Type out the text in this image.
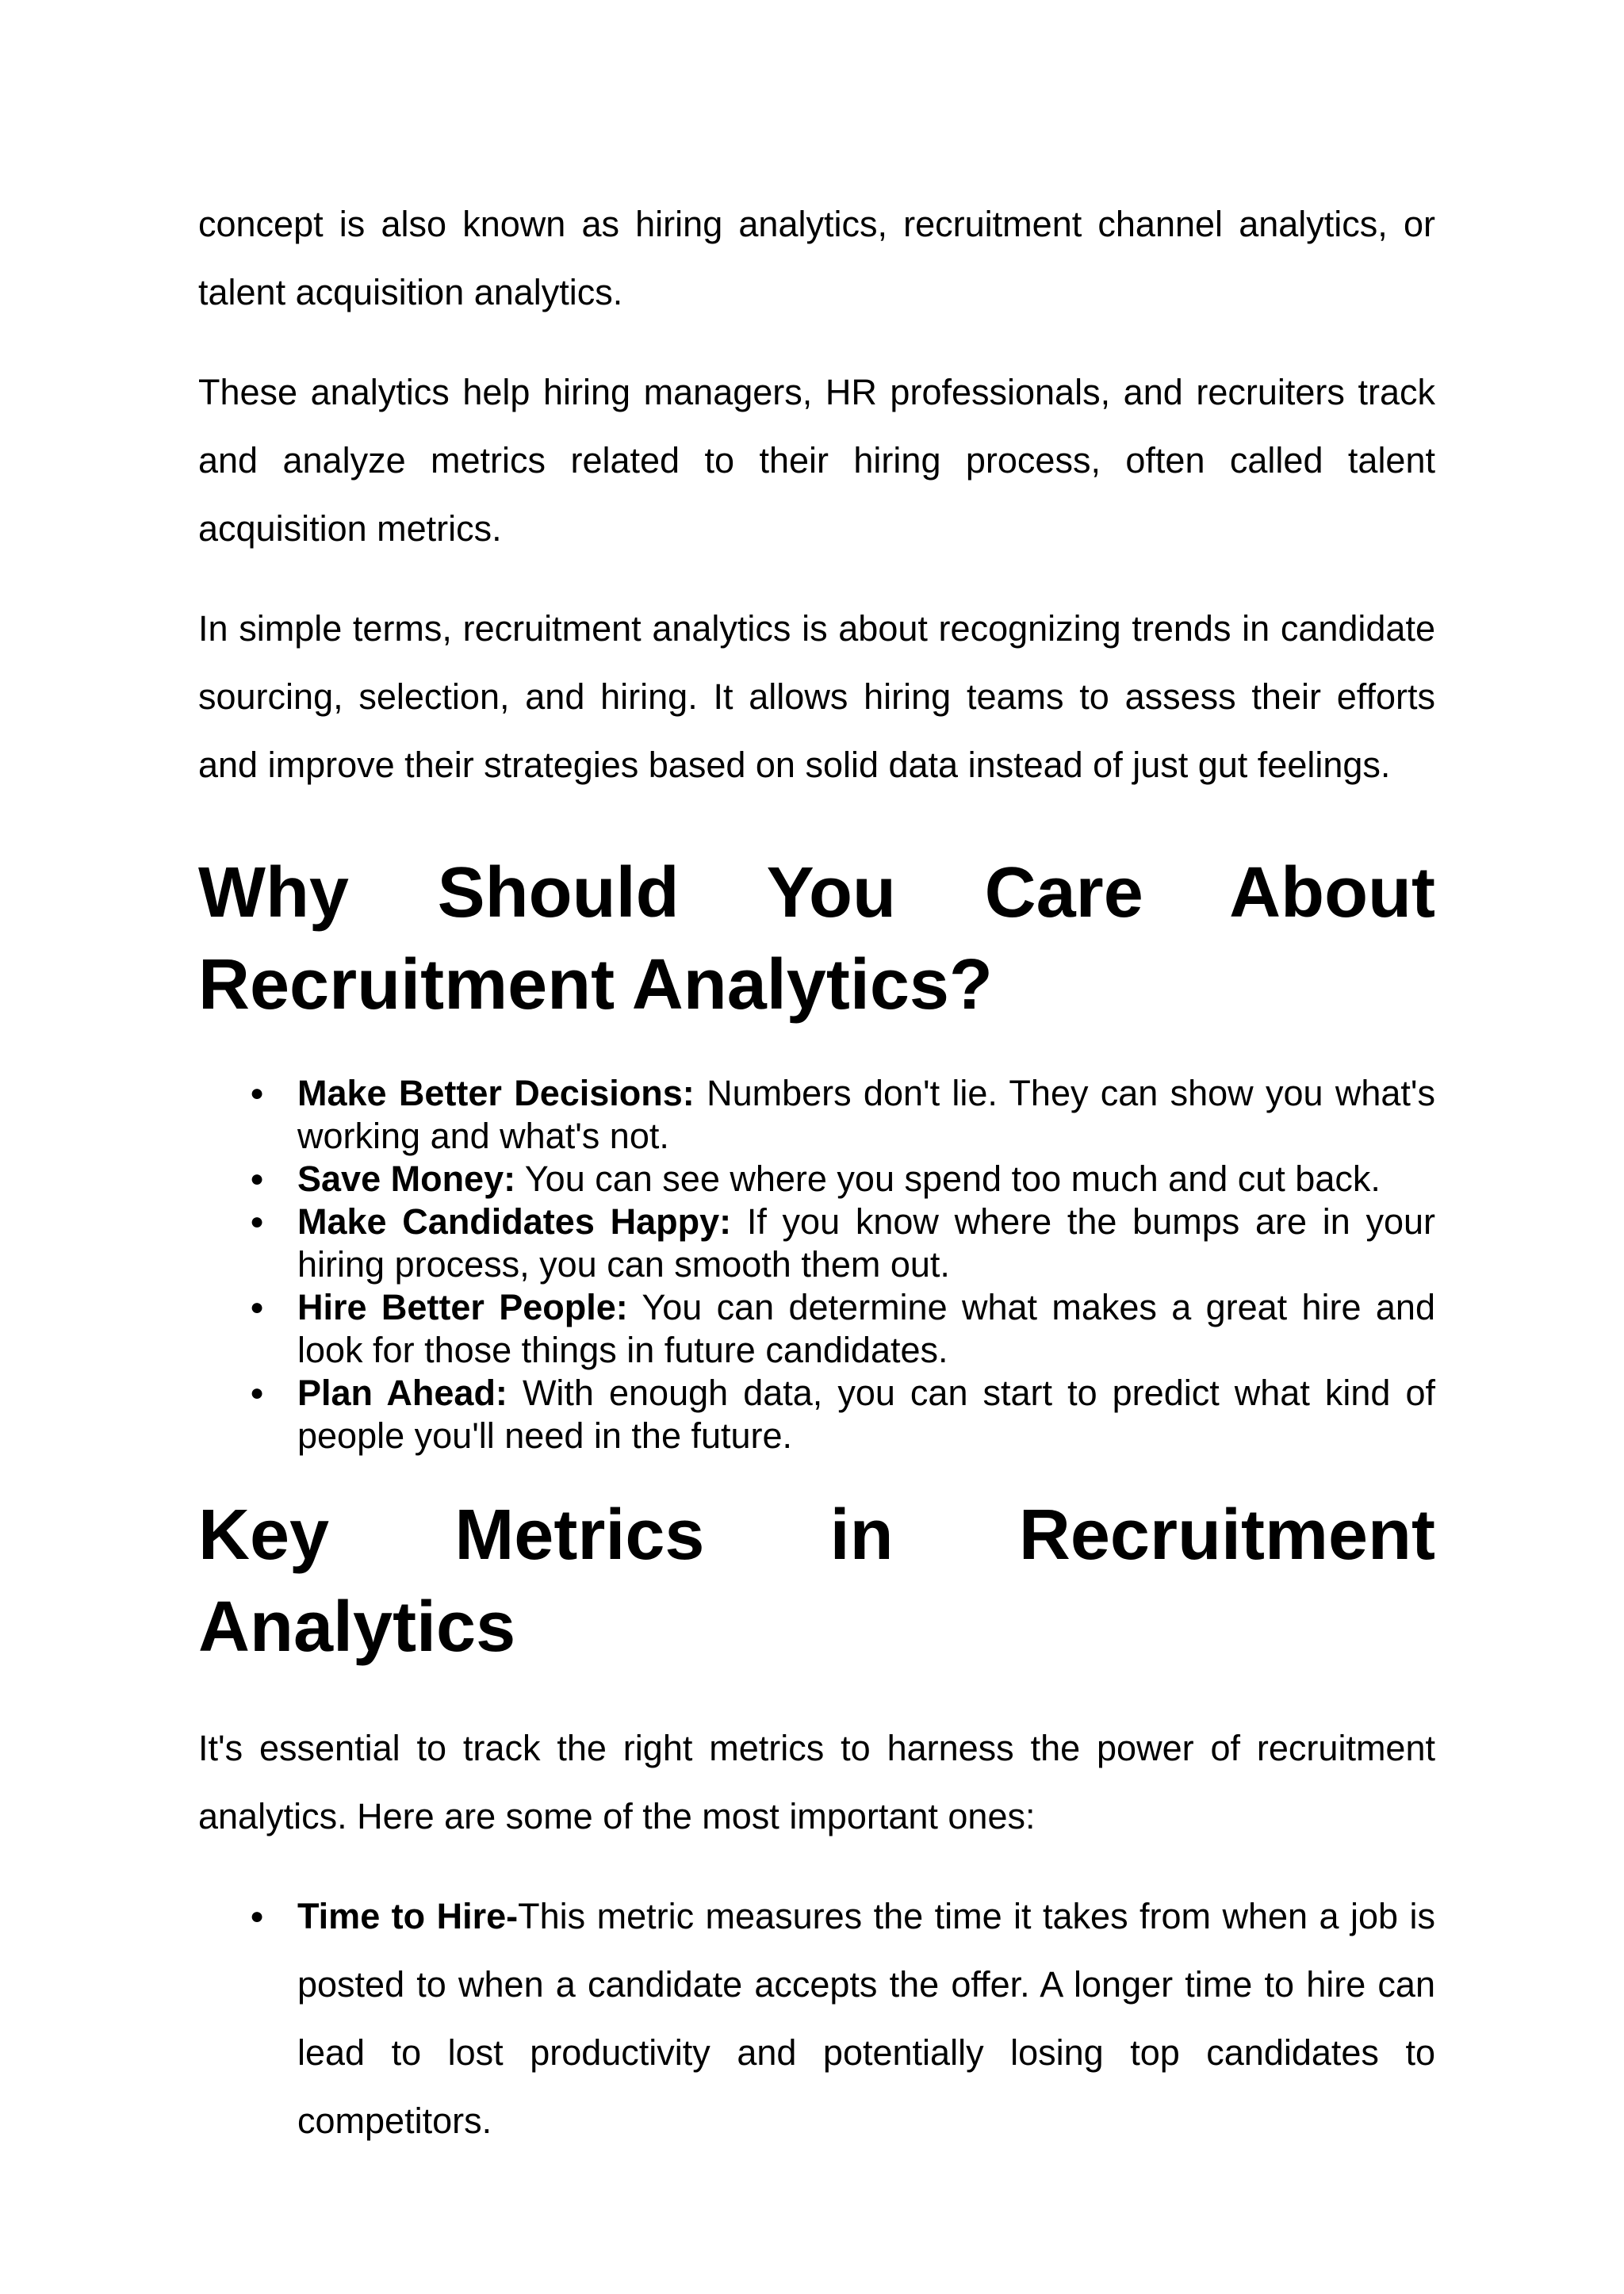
concept is also known as hiring analytics, recruitment channel analytics, or talent acquisition analytics.

These analytics help hiring managers, HR professionals, and recruiters track and analyze metrics related to their hiring process, often called talent acquisition metrics.

In simple terms, recruitment analytics is about recognizing trends in candidate sourcing, selection, and hiring. It allows hiring teams to assess their efforts and improve their strategies based on solid data instead of just gut feelings.

Why Should You Care About Recruitment Analytics?
● Make Better Decisions: Numbers don't lie. They can show you what's working and what's not.
● Save Money: You can see where you spend too much and cut back.
● Make Candidates Happy: If you know where the bumps are in your hiring process, you can smooth them out.
● Hire Better People: You can determine what makes a great hire and look for those things in future candidates.
● Plan Ahead: With enough data, you can start to predict what kind of people you'll need in the future.
Key Metrics in Recruitment Analytics

It's essential to track the right metrics to harness the power of recruitment analytics. Here are some of the most important ones:

● Time to Hire-This metric measures the time it takes from when a job is posted to when a candidate accepts the offer. A longer time to hire can lead to lost productivity and potentially losing top candidates to competitors.
